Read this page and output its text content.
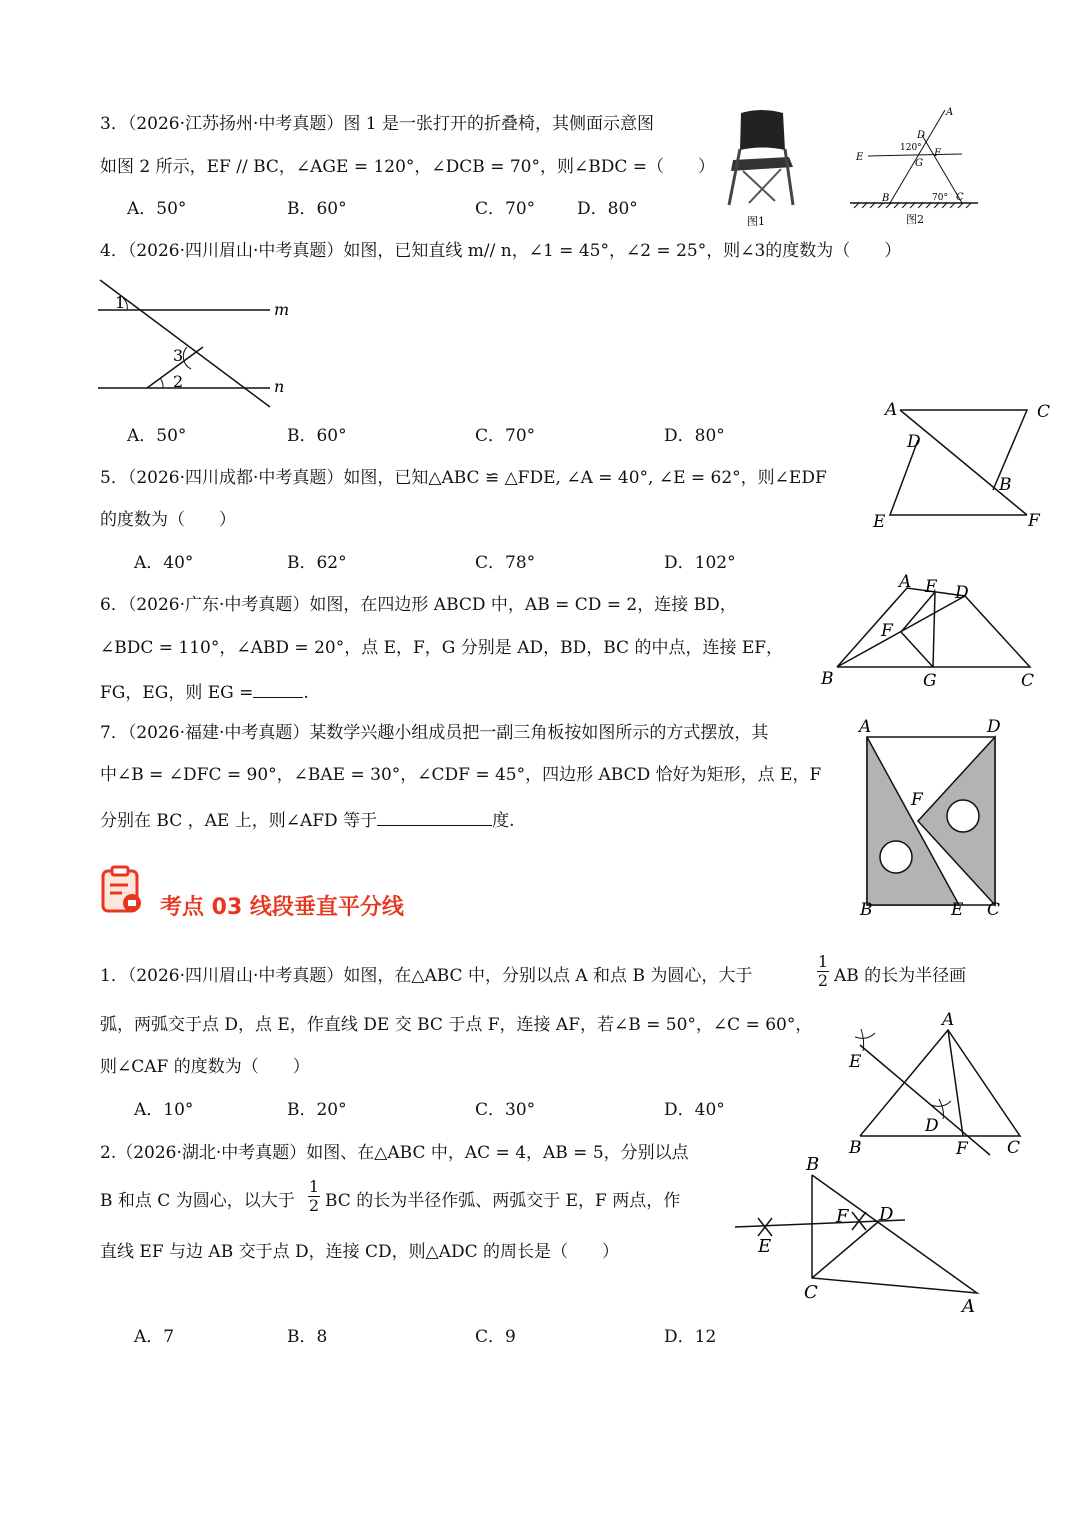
3．（2026·江苏扬州·中考真题）图 1 是一张打开的折叠椅，其侧面示意图
如图 2 所示，EF // BC，∠AGE = 120°，∠DCB = 70°，则∠BDC =（　　）
A．50°	B．60°	C．70° D．80°
图1
A
D
120°
E	F
G
B	70° C
图2
4．（2026·四川眉山·中考真题）如图，已知直线 m// n，∠1 = 45°，∠2 = 25°，则∠3的度数为（　　）
1
2
3
m
n
A．50°	B．60°	C．70°	D．80°
A	C
D
B
E	F
5．（2026·四川成都·中考真题）如图，已知△ABC ≌ △FDE, ∠A = 40°, ∠E = 62°，则∠EDF
的度数为（　　）
A．40°	B．62°	C．78°	D．102°
6．（2026·广东·中考真题）如图，在四边形 ABCD 中，AB = CD = 2，连接 BD，
∠BDC = 110°，∠ABD = 20°，点 E，F，G 分别是 AD，BD，BC 的中点，连接 EF，
FG，EG，则 EG =	.
A E D
F
B	G	C
7．（2026·福建·中考真题）某数学兴趣小组成员把一副三角板按如图所示的方式摆放，其
中∠B = ∠DFC = 90°，∠BAE = 30°，∠CDF = 45°，四边形 ABCD 恰好为矩形，点 E，F
分别在 BC ，AE 上，则∠AFD 等于	度.
A	D
F
B	E C
考点 03 线段垂直平分线
1．（2026·四川眉山·中考真题）如图，在△ABC 中，分别以点 A 和点 B 为圆心，大于
1
2 AB 的长为半径画
弧，两弧交于点 D，点 E，作直线 DE 交 BC 于点 F，连接 AF，若∠B = 50°，∠C = 60°，
则∠CAF 的度数为（　　）
A．10°	B．20°	C．30°	D．40°
A
E
D
B	F C
2.（2026·湖北·中考真题）如图、在△ABC 中，AC = 4，AB = 5，分别以点
B 和点 C 为圆心，以大于
1
2 BC 的长为半径作弧、两弧交于 E，F 两点，作
直线 EF 与边 AB 交于点 D，连接 CD，则△ADC 的周长是（　　）
A．7	B．8	C．9	D．12
B
F D
E
C
A
